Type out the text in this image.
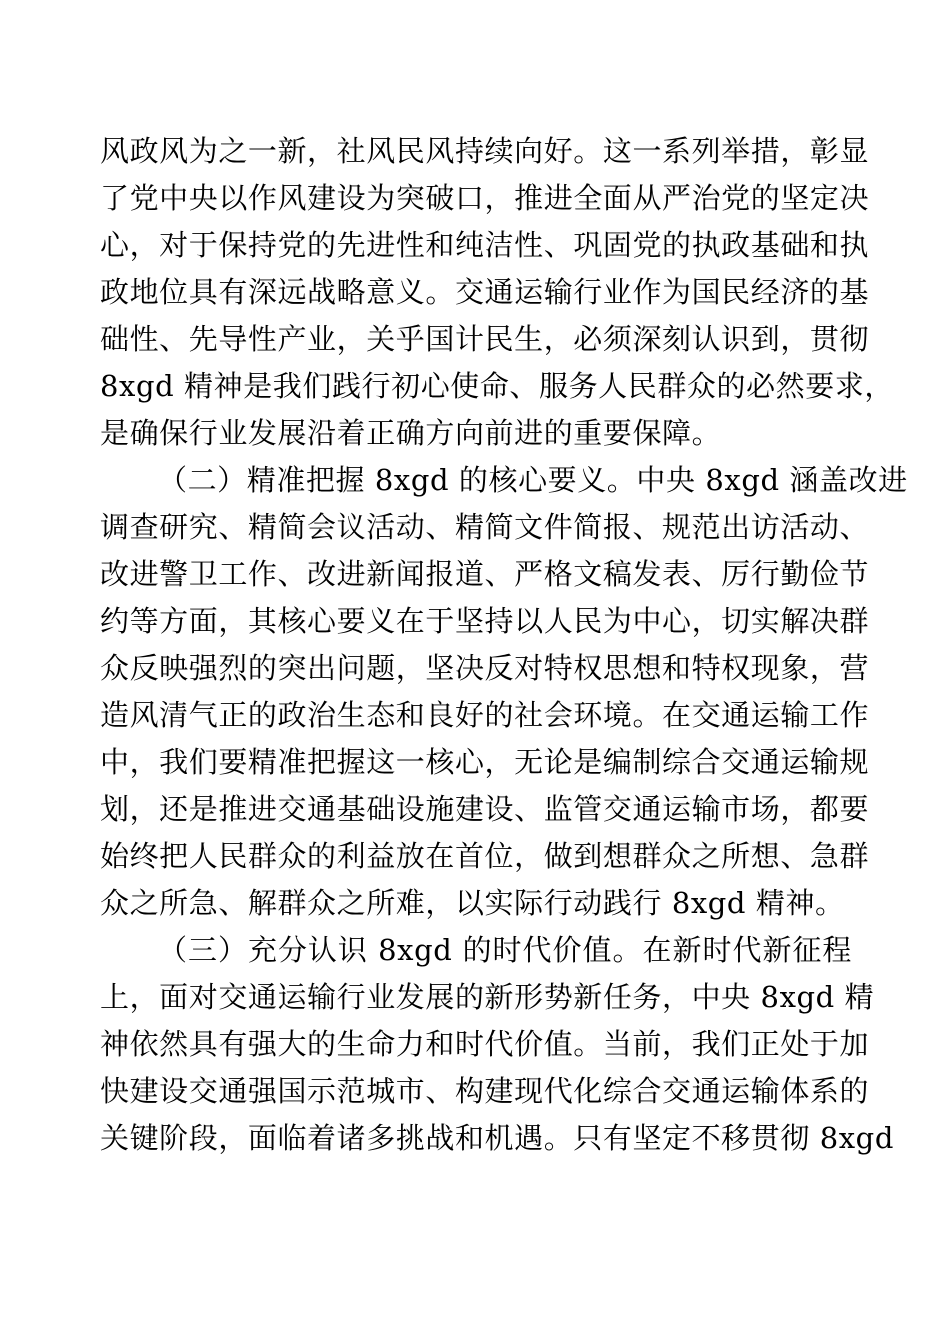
风政风为之一新，社风民风持续向好。这一系列举措，彰显
了党中央以作风建设为突破口，推进全面从严治党的坚定决
心，对于保持党的先进性和纯洁性、巩固党的执政基础和执
政地位具有深远战略意义。交通运输行业作为国民经济的基
础性、先导性产业，关乎国计民生，必须深刻认识到，贯彻
8xgd 精神是我们践行初心使命、服务人民群众的必然要求，
是确保行业发展沿着正确方向前进的重要保障。
（二）精准把握 8xgd 的核心要义。中央 8xgd 涵盖改进
调查研究、精简会议活动、精简文件简报、规范出访活动、
改进警卫工作、改进新闻报道、严格文稿发表、厉行勤俭节
约等方面，其核心要义在于坚持以人民为中心，切实解决群
众反映强烈的突出问题，坚决反对特权思想和特权现象，营
造风清气正的政治生态和良好的社会环境。在交通运输工作
中，我们要精准把握这一核心，无论是编制综合交通运输规
划，还是推进交通基础设施建设、监管交通运输市场，都要
始终把人民群众的利益放在首位，做到想群众之所想、急群
众之所急、解群众之所难，以实际行动践行 8xgd 精神。
（三）充分认识 8xgd 的时代价值。在新时代新征程
上，面对交通运输行业发展的新形势新任务，中央 8xgd 精
神依然具有强大的生命力和时代价值。当前，我们正处于加
快建设交通强国示范城市、构建现代化综合交通运输体系的
关键阶段，面临着诸多挑战和机遇。只有坚定不移贯彻 8xgd
